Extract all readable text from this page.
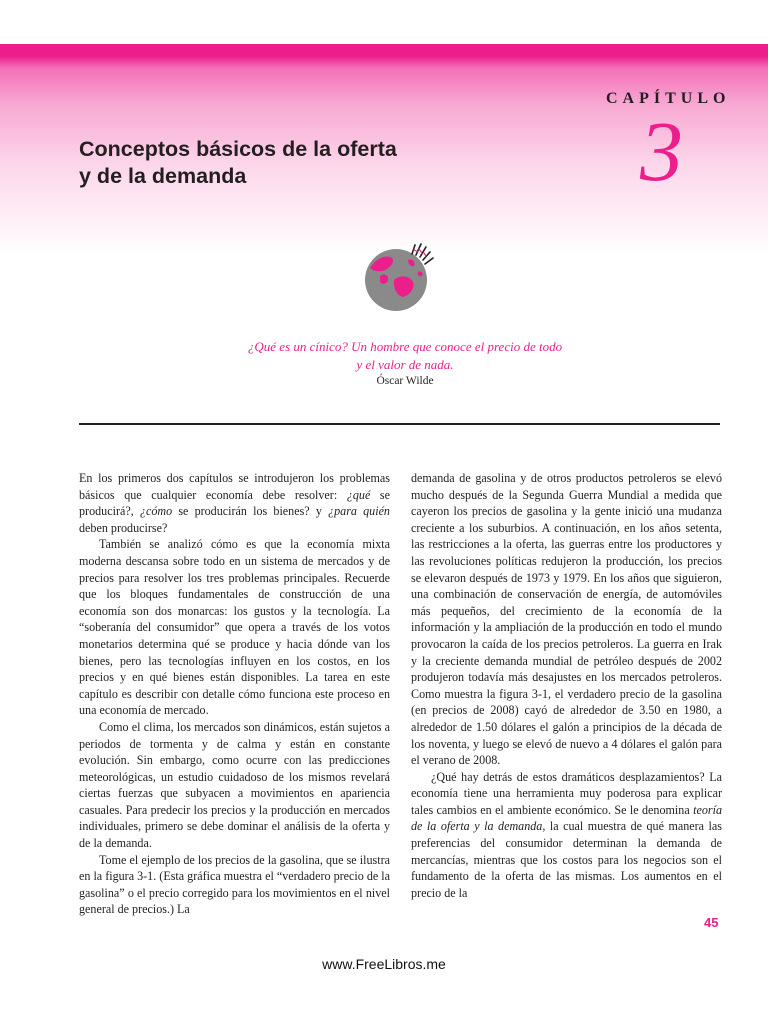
CAPÍTULO
3
Conceptos básicos de la oferta
y de la demanda
¿Qué es un cínico? Un hombre que conoce el precio de todo
y el valor de nada.
Óscar Wilde

En los primeros dos capítulos se introdujeron los problemas básicos que cualquier economía debe resolver: ¿qué se producirá?, ¿cómo se producirán los bienes? y ¿para quién deben producirse?

También se analizó cómo es que la economía mixta moderna descansa sobre todo en un sistema de mercados y de precios para resolver los tres problemas principales. Recuerde que los bloques fundamentales de construcción de una economía son dos monarcas: los gustos y la tecnología. La “soberanía del consumidor” que opera a través de los votos monetarios determina qué se produce y hacia dónde van los bienes, pero las tecnologías influyen en los costos, en los precios y en qué bienes están disponibles. La tarea en este capítulo es describir con detalle cómo funciona este proceso en una economía de mercado.

Como el clima, los mercados son dinámicos, están sujetos a periodos de tormenta y de calma y están en constante evolución. Sin embargo, como ocurre con las predicciones meteorológicas, un estudio cuidadoso de los mismos revelará ciertas fuerzas que subyacen a movimientos en apariencia casuales. Para predecir los precios y la producción en mercados individuales, primero se debe dominar el análisis de la oferta y de la demanda.

Tome el ejemplo de los precios de la gasolina, que se ilustra en la figura 3-1. (Esta gráfica muestra el “verdadero precio de la gasolina” o el precio corregido para los movimientos en el nivel general de precios.) La

demanda de gasolina y de otros productos petroleros se elevó mucho después de la Segunda Guerra Mundial a medida que cayeron los precios de gasolina y la gente inició una mudanza creciente a los suburbios. A continuación, en los años setenta, las restricciones a la oferta, las guerras entre los productores y las revoluciones políticas redujeron la producción, los precios se elevaron después de 1973 y 1979. En los años que siguieron, una combinación de conservación de energía, de automóviles más pequeños, del crecimiento de la economía de la información y la ampliación de la producción en todo el mundo provocaron la caída de los precios petroleros. La guerra en Irak y la creciente demanda mundial de petróleo después de 2002 produjeron todavía más desajustes en los mercados petroleros. Como muestra la figura 3-1, el verdadero precio de la gasolina (en precios de 2008) cayó de alrededor de 3.50 en 1980, a alrededor de 1.50 dólares el galón a principios de la década de los noventa, y luego se elevó de nuevo a 4 dólares el galón para el verano de 2008.

¿Qué hay detrás de estos dramáticos desplazamientos? La economía tiene una herramienta muy poderosa para explicar tales cambios en el ambiente económico. Se le denomina teoría de la oferta y la demanda, la cual muestra de qué manera las preferencias del consumidor determinan la demanda de mercancías, mientras que los costos para los negocios son el fundamento de la oferta de las mismas. Los aumentos en el precio de la

45
www.FreeLibros.me
